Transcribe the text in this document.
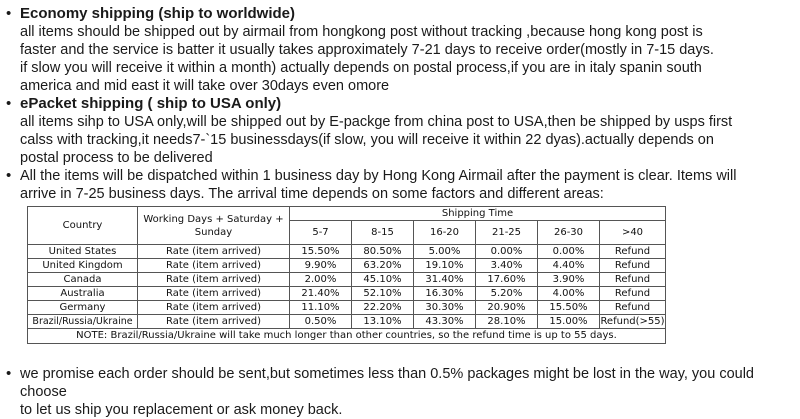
• Economy shipping (ship to worldwide)
all items should be shipped out by airmail from hongkong post without tracking ,because hong kong post is
faster and the service is batter it usually takes approximately 7-21 days to receive order(mostly in 7-15 days.
if slow you will receive it within a month) actually depends on postal process,if you are in italy spanin south
america and mid east it will take over 30days even omore
• ePacket shipping ( ship to USA only)
all items sihp to USA only,will be shipped out by E-packge from china post to USA,then be shipped by usps first
calss with tracking,it needs7-`15 businessdays(if slow, you will receive it within 22 dyas).actually depends on
postal process to be delivered
• All the items will be dispatched within 1 business day by Hong Kong Airmail after the payment is clear. Items will
arrive in 7-25 business days. The arrival time depends on some factors and different areas:
Country	Working Days + Saturday + Sunday	Shipping Time					
		5-7	8-15	16-20	21-25	26-30	>40
United States	Rate (item arrived)	15.50%	80.50%	5.00%	0.00%	0.00%	Refund
United Kingdom	Rate (item arrived)	9.90%	63.20%	19.10%	3.40%	4.40%	Refund
Canada	Rate (item arrived)	2.00%	45.10%	31.40%	17.60%	3.90%	Refund
Australia	Rate (item arrived)	21.40%	52.10%	16.30%	5.20%	4.00%	Refund
Germany	Rate (item arrived)	11.10%	22.20%	30.30%	20.90%	15.50%	Refund
Brazil/Russia/Ukraine	Rate (item arrived)	0.50%	13.10%	43.30%	28.10%	15.00%	Refund(>55)
NOTE: Brazil/Russia/Ukraine will take much longer than other countries, so the refund time is up to 55 days.							
• we promise each order should be sent,but sometimes less than 0.5% packages might be lost in the way, you could choose
to let us ship you replacement or ask money back.
